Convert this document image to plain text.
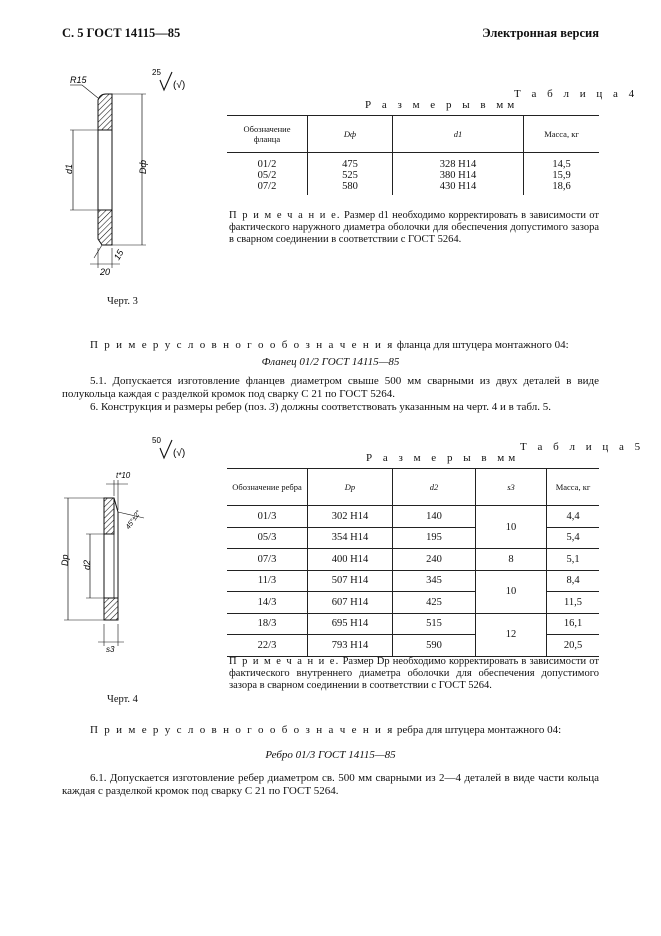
С. 5 ГОСТ 14115—85	Электронная версия
R15
25
(√)
d1	Dф
20
15
Черт. 3
Т а б л и ц а 4
Р а з м е р ы в мм
Обозначение фланца	Dф	d1	Масса, кг
01/2	475	328 Н14	14,5
05/2	525	380 Н14	15,9
07/2	580	430 Н14	18,6
П р и м е ч а н и е. Размер d1 необходимо корректировать в зависимости от фактического наружного диаметра оболочки для обеспечения допустимого зазора в сварном соединении в соответствии с ГОСТ 5264.
П р и м е р у с л о в н о г о о б о з н а ч е н и я фланца для штуцера монтажного 04:
Фланец 01/2 ГОСТ 14115—85
5.1. Допускается изготовление фланцев диаметром свыше 500 мм сварными из двух деталей в виде полукольца каждая с разделкой кромок под сварку С 21 по ГОСТ 5264.
6. Конструкция и размеры ребер (поз. 3) должны соответствовать указанным на черт. 4 и в табл. 5.
t*10
50
(√)
45°±2°
Dр d2
s3
Черт. 4
Т а б л и ц а 5
Р а з м е р ы в мм
Обозначение ребра	Dр	d2	s3	Масса, кг
01/3	302 Н14	140	10	4,4
05/3	354 Н14	195		5,4
07/3	400 Н14	240	8	5,1
11/3	507 Н14	345	10	8,4
14/3	607 Н14	425		11,5
18/3	695 Н14	515	12	16,1
22/3	793 Н14	590		20,5
П р и м е ч а н и е. Размер Dр необходимо корректировать в зависимости от фактического внутреннего диаметра оболочки для обеспечения допустимого зазора в сварном соединении в соответствии с ГОСТ 5264.
П р и м е р у с л о в н о г о о б о з н а ч е н и я ребра для штуцера монтажного 04:
Ребро 01/3 ГОСТ 14115—85
6.1. Допускается изготовление ребер диаметром св. 500 мм сварными из 2—4 деталей в виде части кольца каждая с разделкой кромок под сварку С 21 по ГОСТ 5264.
